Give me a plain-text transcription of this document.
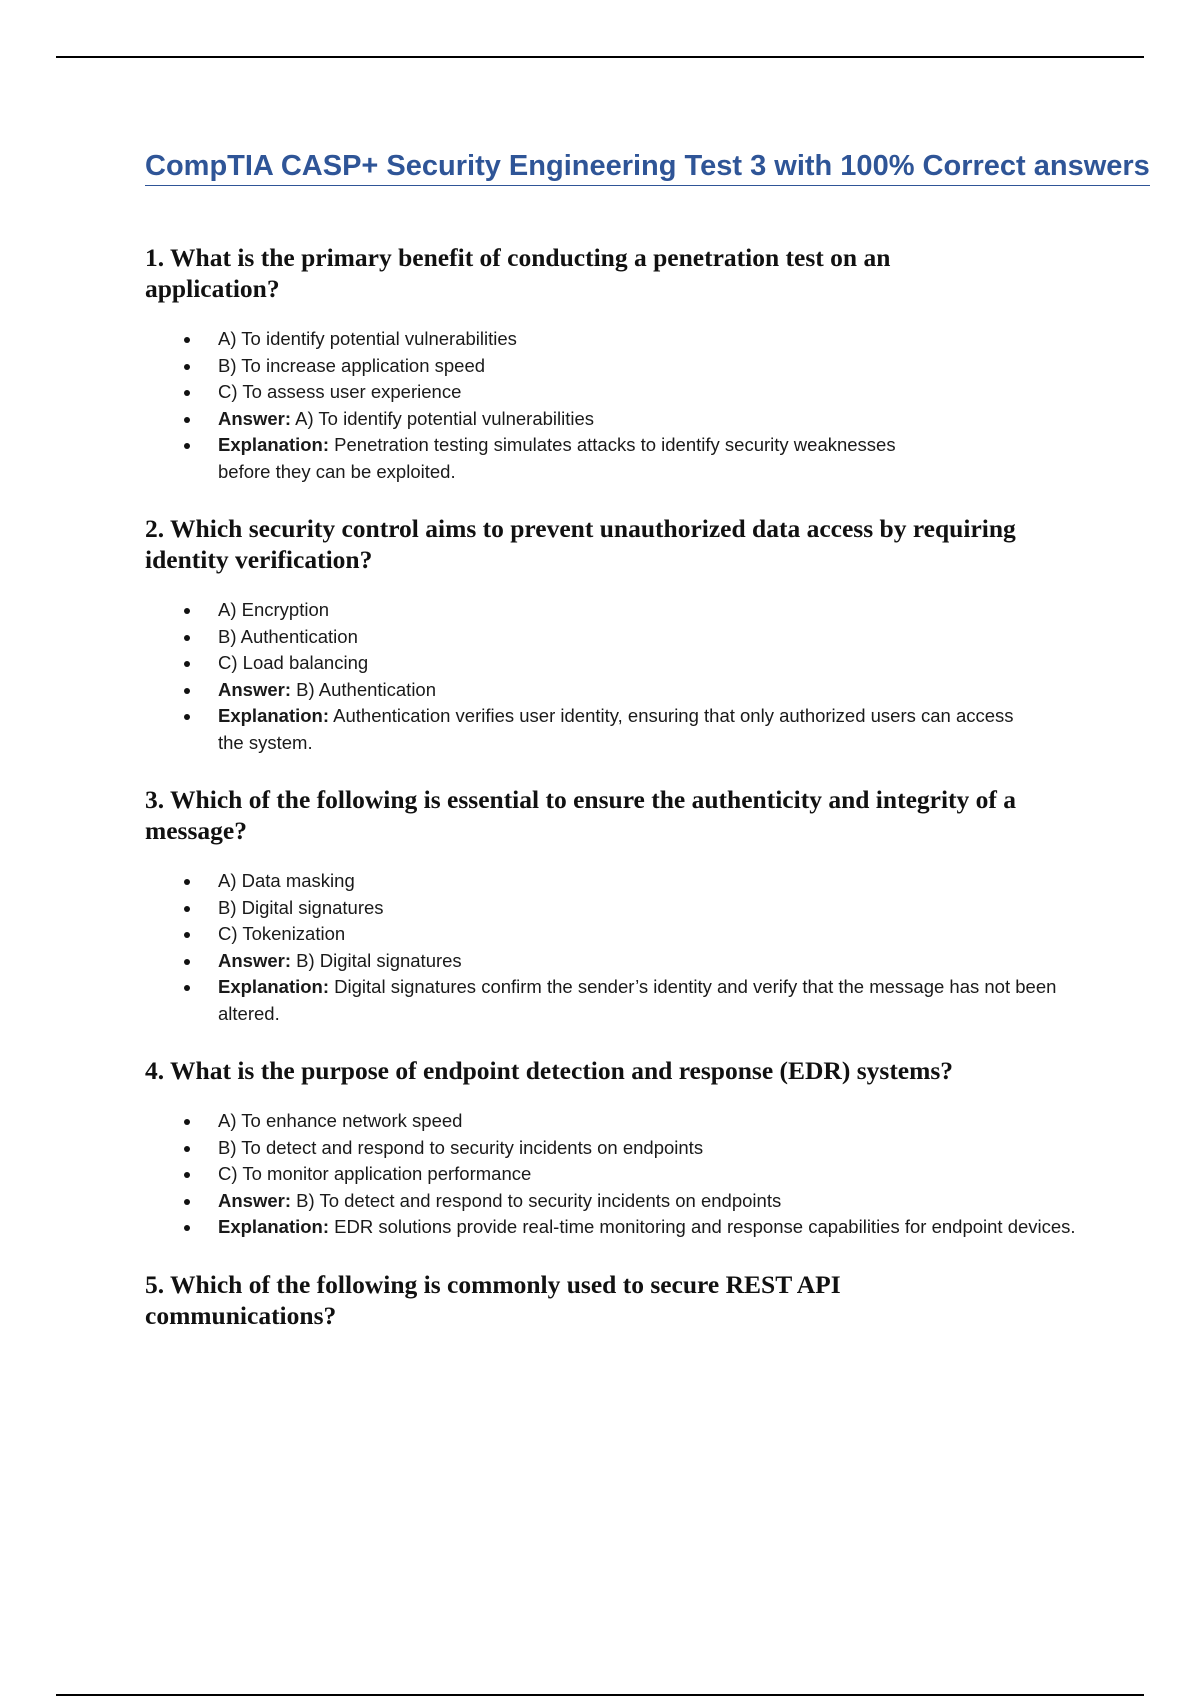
CompTIA CASP+ Security Engineering Test 3 with 100% Correct answers
1 . What is the primary benefit of conducting a penetration test on an application?
A) To identify potential vulnerabilities
B) To increase application speed
C) To assess user experience
Answer: A) To identify potential vulnerabilities
Explanation: Penetration testing simulates attacks to identify security weaknesses before they can be exploited.
2 . Which security control aims to prevent unauthorized data access by requiring identity verification?
A) Encryption
B) Authentication
C) Load balancing
Answer: B) Authentication
Explanation: Authentication verifies user identity, ensuring that only authorized users can access the system.
3 . Which of the following is essential to ensure the authenticity and integrity of a message?
A) Data masking
B) Digital signatures
C) Tokenization
Answer: B) Digital signatures
Explanation: Digital signatures confirm the sender’s identity and verify that the message has not been altered.
4 . What is the purpose of endpoint detection and response (EDR) systems?
A) To enhance network speed
B) To detect and respond to security incidents on endpoints
C) To monitor application performance
Answer: B) To detect and respond to security incidents on endpoints
Explanation: EDR solutions provide real-time monitoring and response capabilities for endpoint devices.
5 . Which of the following is commonly used to secure REST API communications?
